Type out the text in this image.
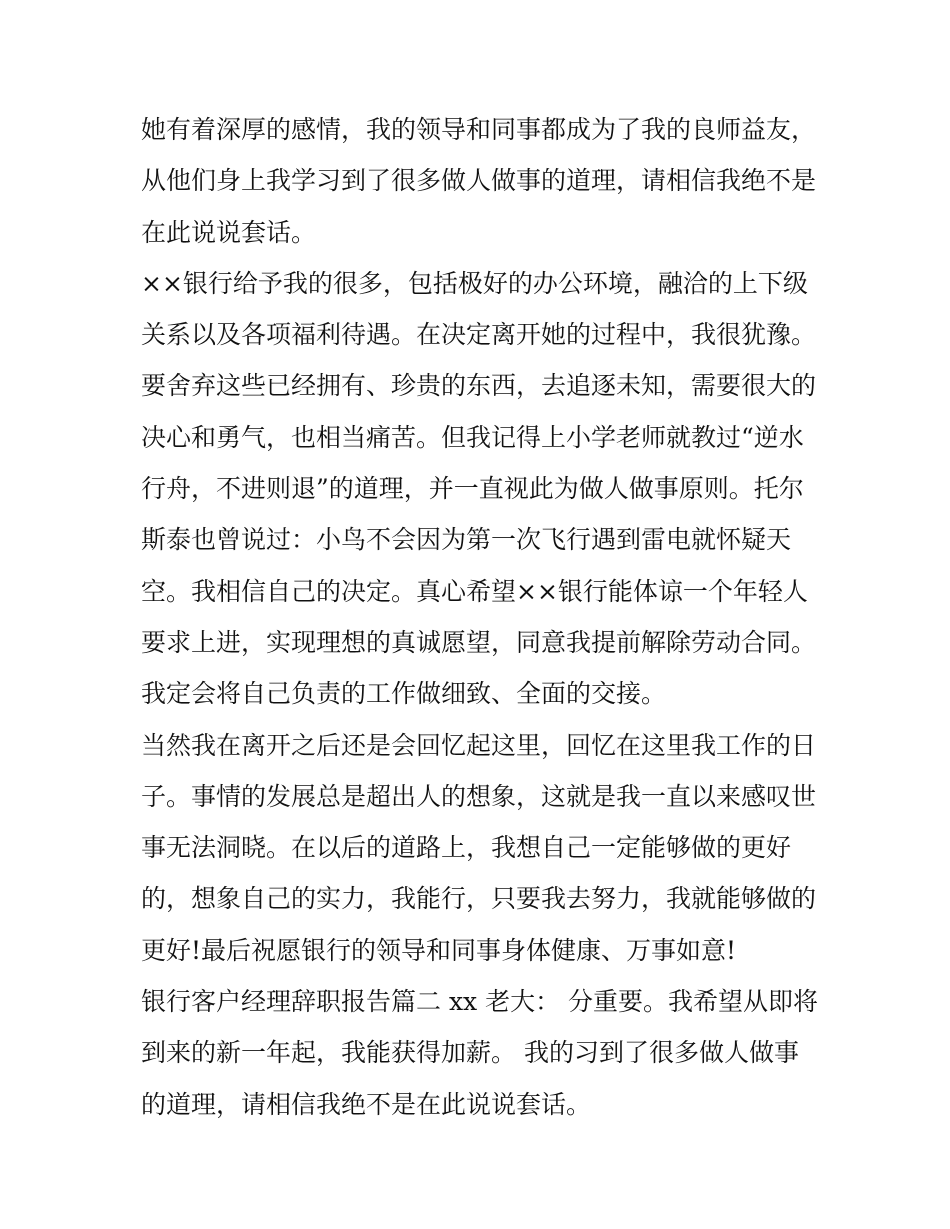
她有着深厚的感情，我的领导和同事都成为了我的良师益友，
从他们身上我学习到了很多做人做事的道理，请相信我绝不是
在此说说套话。
××银行给予我的很多，包括极好的办公环境，融洽的上下级
关系以及各项福利待遇。在决定离开她的过程中，我很犹豫。
要舍弃这些已经拥有、珍贵的东西，去追逐未知，需要很大的
决心和勇气，也相当痛苦。但我记得上小学老师就教过“逆水
行舟，不进则退”的道理，并一直视此为做人做事原则。托尔
斯泰也曾说过：小鸟不会因为第一次飞行遇到雷电就怀疑天
空。我相信自己的决定。真心希望××银行能体谅一个年轻人
要求上进，实现理想的真诚愿望，同意我提前解除劳动合同。
我定会将自己负责的工作做细致、全面的交接。
当然我在离开之后还是会回忆起这里，回忆在这里我工作的日
子。事情的发展总是超出人的想象，这就是我一直以来感叹世
事无法洞晓。在以后的道路上，我想自己一定能够做的更好
的，想象自己的实力，我能行，只要我去努力，我就能够做的
更好!最后祝愿银行的领导和同事身体健康、万事如意!
银行客户经理辞职报告篇二 xx 老大： 分重要。我希望从即将
到来的新一年起，我能获得加薪。 我的习到了很多做人做事
的道理，请相信我绝不是在此说说套话。
